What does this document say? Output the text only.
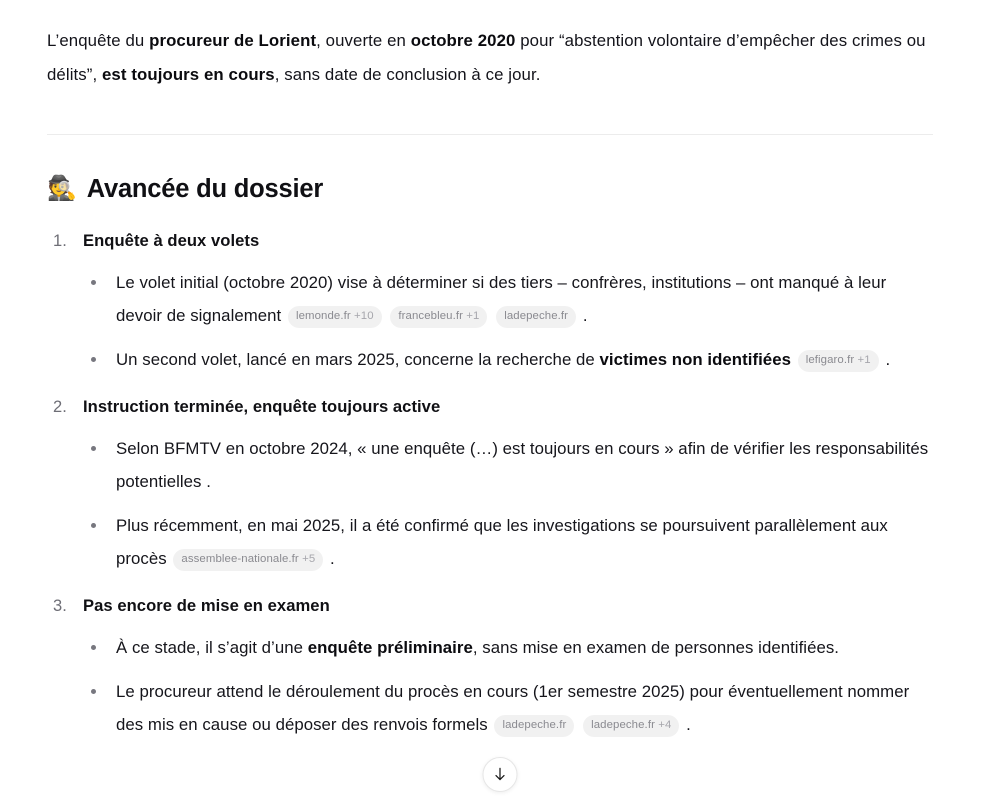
L’enquête du procureur de Lorient, ouverte en octobre 2020 pour “abstention volontaire d’empêcher des crimes ou délits”, est toujours en cours, sans date de conclusion à ce jour.

🕵️ Avancée du dossier
Enquête à deux volets
Le volet initial (octobre 2020) vise à déterminer si des tiers – confrères, institutions – ont manqué à leur devoir de signalement lemonde.fr +10 francebleu.fr +1 ladepeche.fr .
Un second volet, lancé en mars 2025, concerne la recherche de victimes non identifiées lefigaro.fr +1 .
Instruction terminée, enquête toujours active
Selon BFMTV en octobre 2024, « une enquête (…) est toujours en cours » afin de vérifier les responsabilités potentielles .
Plus récemment, en mai 2025, il a été confirmé que les investigations se poursuivent parallèlement aux procès assemblee-nationale.fr +5 .
Pas encore de mise en examen
À ce stade, il s’agit d’une enquête préliminaire, sans mise en examen de personnes identifiées.
Le procureur attend le déroulement du procès en cours (1er semestre 2025) pour éventuellement nommer des mis en cause ou déposer des renvois formels ladepeche.fr ladepeche.fr +4 .
